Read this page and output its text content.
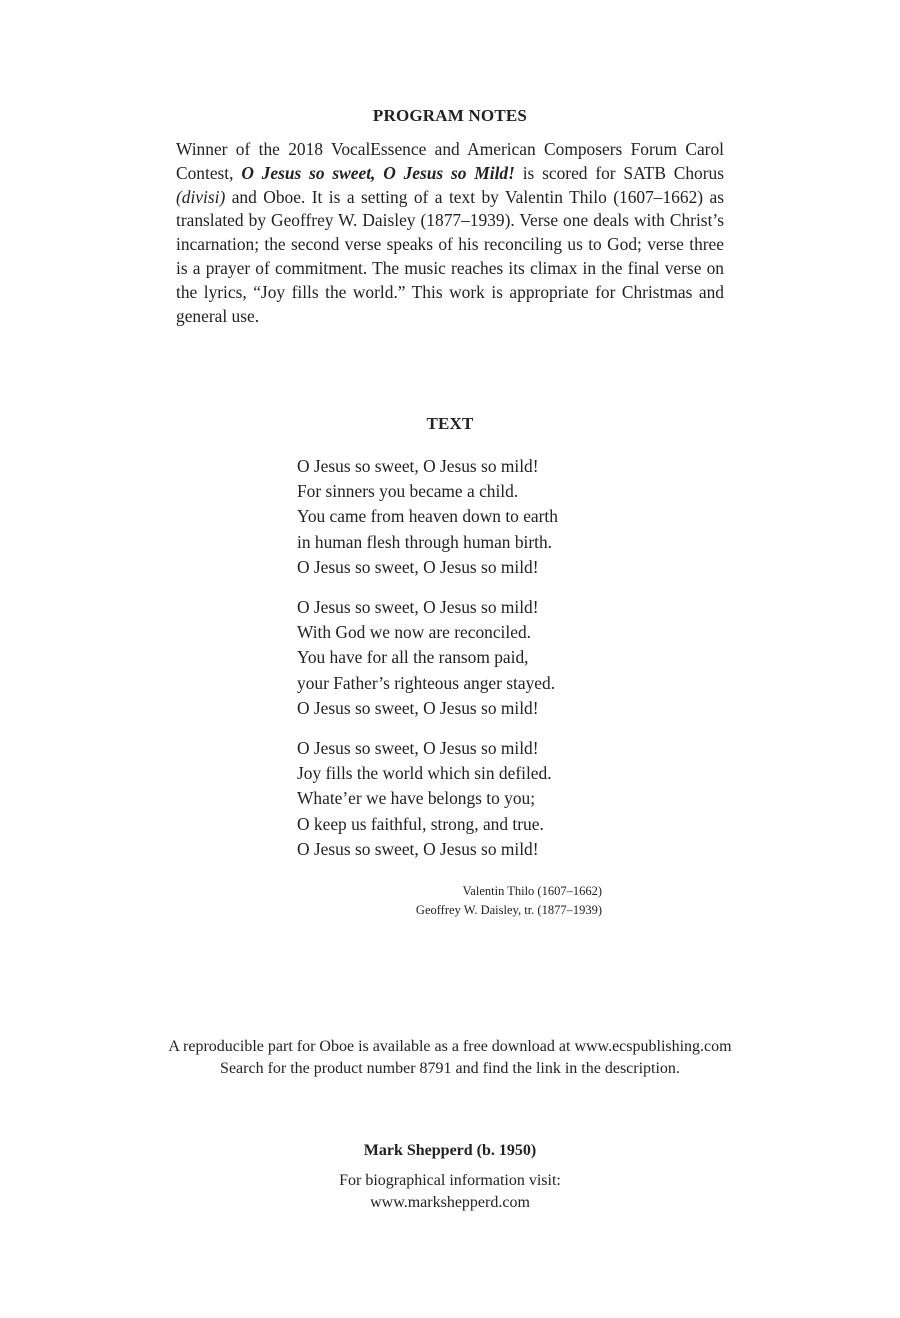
PROGRAM NOTES

Winner of the 2018 VocalEssence and American Composers Forum Carol Contest, O Jesus so sweet, O Jesus so Mild! is scored for SATB Chorus (divisi) and Oboe. It is a setting of a text by Valentin Thilo (1607–1662) as translated by Geoffrey W. Daisley (1877–1939). Verse one deals with Christ’s incarnation; the second verse speaks of his reconciling us to God; verse three is a prayer of commitment. The music reaches its climax in the final verse on the lyrics, “Joy fills the world.” This work is appropriate for Christmas and general use.

TEXT
O Jesus so sweet, O Jesus so mild!
For sinners you became a child.
You came from heaven down to earth
in human flesh through human birth.
O Jesus so sweet, O Jesus so mild!
O Jesus so sweet, O Jesus so mild!
With God we now are reconciled.
You have for all the ransom paid,
your Father’s righteous anger stayed.
O Jesus so sweet, O Jesus so mild!
O Jesus so sweet, O Jesus so mild!
Joy fills the world which sin defiled.
Whate’er we have belongs to you;
O keep us faithful, strong, and true.
O Jesus so sweet, O Jesus so mild!
Valentin Thilo (1607–1662)
Geoffrey W. Daisley, tr. (1877–1939)
A reproducible part for Oboe is available as a free download at www.ecspublishing.com
Search for the product number 8791 and find the link in the description.
Mark Shepperd (b. 1950)
For biographical information visit:
www.markshepperd.com
